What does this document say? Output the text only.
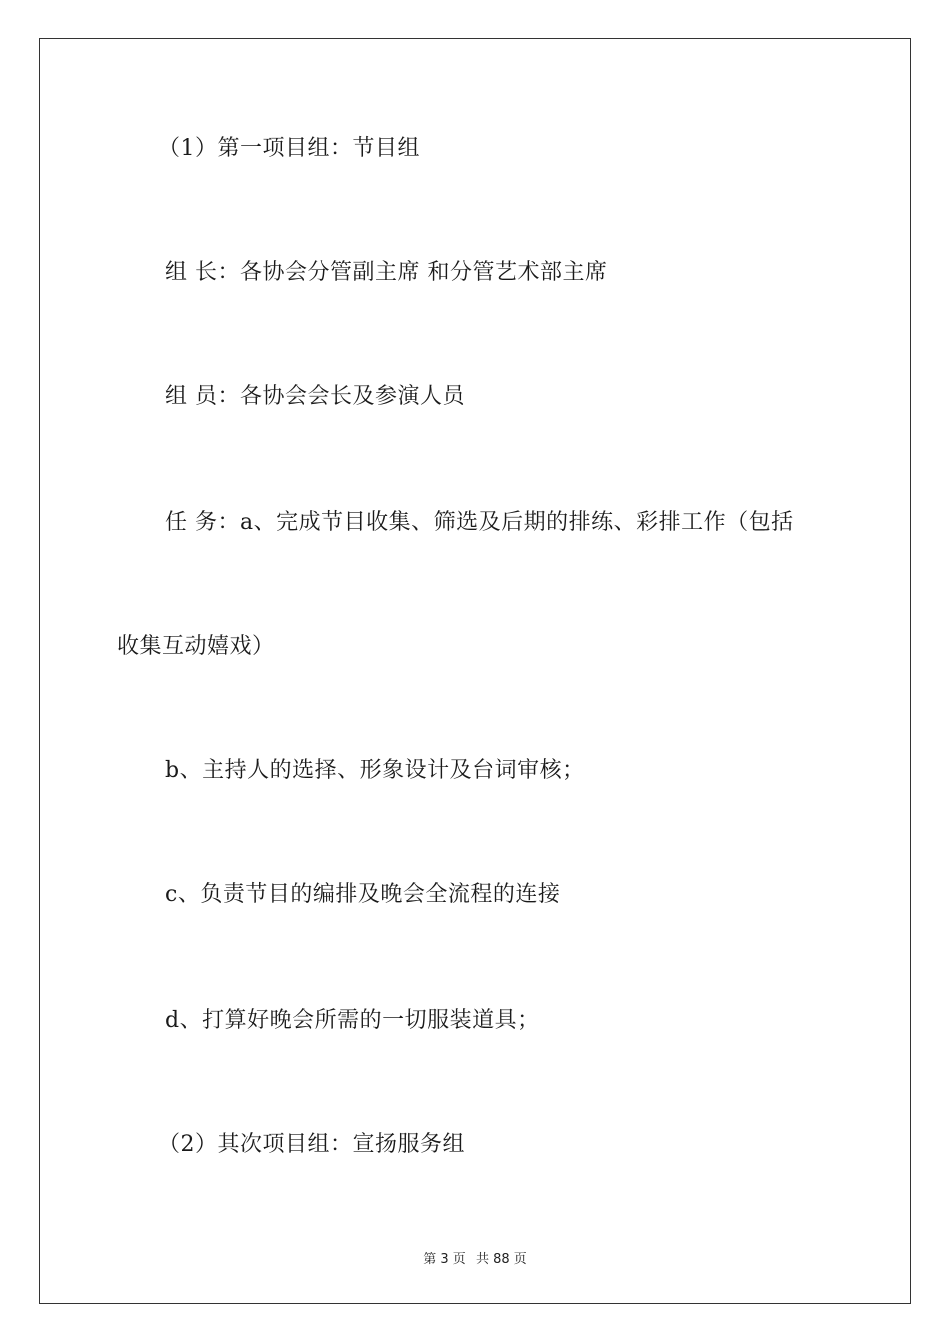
（1）第一项目组：节目组
组 长：各协会分管副主席 和分管艺术部主席
组 员：各协会会长及参演人员
任 务：a、完成节目收集、筛选及后期的排练、彩排工作（包括
收集互动嬉戏）
b、主持人的选择、形象设计及台词审核；
c、负责节目的编排及晚会全流程的连接
d、打算好晚会所需的一切服装道具；
（2）其次项目组：宣扬服务组
第 3 页 共 88 页
